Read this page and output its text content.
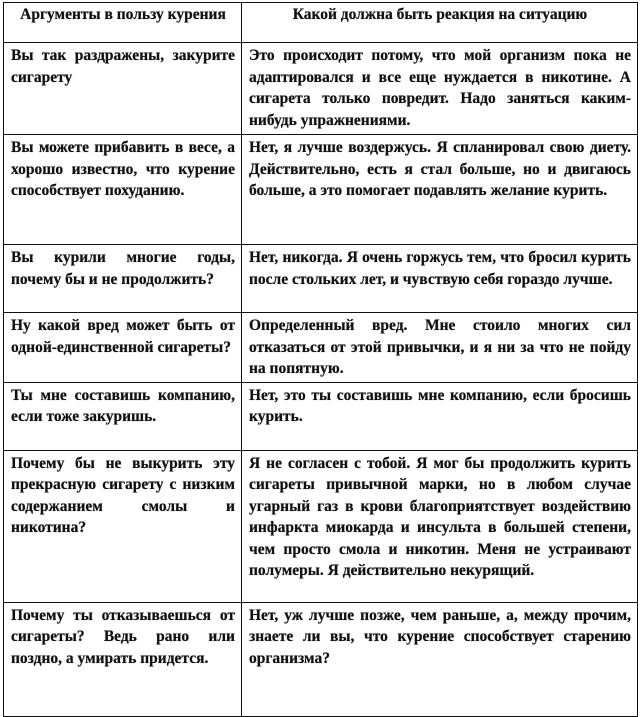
Аргументы в пользу курения	Какой должна быть реакция на ситуацию
Вы так раздражены, закурите сигарету	Это происходит потому, что мой организм пока не адаптировался и все еще нуждается в никотине. А сигарета только повредит. Надо заняться каким-нибудь упражнениями.
Вы можете прибавить в весе, а хорошо известно, что курение способствует похуданию.	Нет, я лучше воздержусь. Я спланировал свою диету. Действительно, есть я стал больше, но и двигаюсь больше, а это помогает подавлять желание курить.
Вы курили многие годы, почему бы и не продолжить?	Нет, никогда. Я очень горжусь тем, что бросил курить после стольких лет, и чувствую себя гораздо лучше.
Ну какой вред может быть от одной-единственной сигареты?	Определенный вред. Мне стоило многих сил отказаться от этой привычки, и я ни за что не пойду на попятную.
Ты мне составишь компанию, если тоже закуришь.	Нет, это ты составишь мне компанию, если бросишь курить.
Почему бы не выкурить эту прекрасную сигарету с низким содержанием смолы и никотина?	Я не согласен с тобой. Я мог бы продолжить курить сигареты привычной марки, но в любом случае угарный газ в крови благоприятствует воздействию инфаркта миокарда и инсульта в большей степени, чем просто смола и никотин. Меня не устраивают полумеры. Я действительно некурящий.
Почему ты отказываешься от сигареты? Ведь рано или поздно, а умирать придется.	Нет, уж лучше позже, чем раньше, а, между прочим, знаете ли вы, что курение способствует старению организма?
